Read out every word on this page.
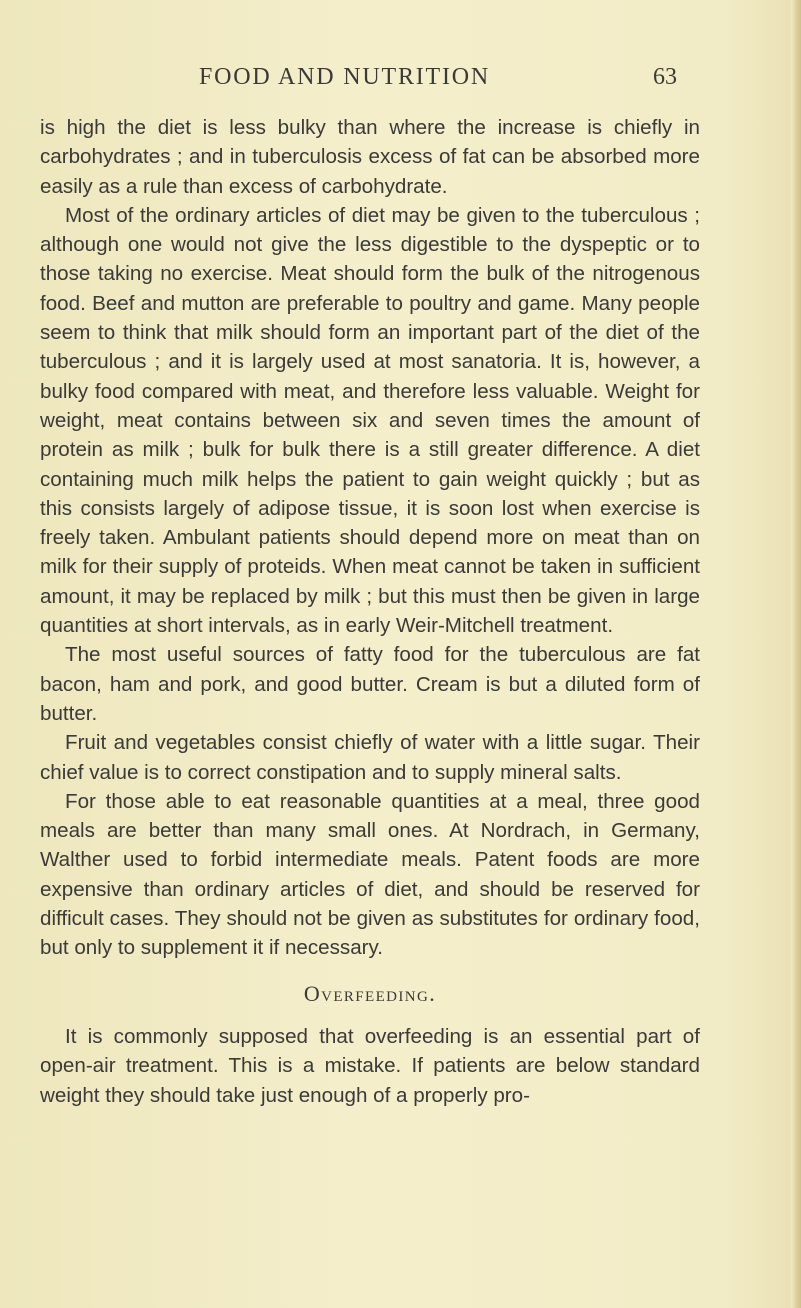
FOOD AND NUTRITION	63

is high the diet is less bulky than where the increase is chiefly in carbohydrates ; and in tuberculosis excess of fat can be absorbed more easily as a rule than excess of carbohydrate.

Most of the ordinary articles of diet may be given to the tuberculous ; although one would not give the less digestible to the dyspeptic or to those taking no exercise. Meat should form the bulk of the nitrogenous food. Beef and mutton are preferable to poultry and game. Many people seem to think that milk should form an important part of the diet of the tuberculous ; and it is largely used at most sanatoria. It is, however, a bulky food compared with meat, and therefore less valuable. Weight for weight, meat contains between six and seven times the amount of protein as milk ; bulk for bulk there is a still greater difference. A diet containing much milk helps the patient to gain weight quickly ; but as this consists largely of adipose tissue, it is soon lost when exercise is freely taken. Ambulant patients should depend more on meat than on milk for their supply of proteids. When meat cannot be taken in sufficient amount, it may be replaced by milk ; but this must then be given in large quantities at short intervals, as in early Weir-Mitchell treatment.

The most useful sources of fatty food for the tuberculous are fat bacon, ham and pork, and good butter. Cream is but a diluted form of butter.

Fruit and vegetables consist chiefly of water with a little sugar. Their chief value is to correct constipation and to supply mineral salts.

For those able to eat reasonable quantities at a meal, three good meals are better than many small ones. At Nordrach, in Germany, Walther used to forbid intermediate meals. Patent foods are more expensive than ordinary articles of diet, and should be reserved for difficult cases. They should not be given as substitutes for ordinary food, but only to supplement it if necessary.

Overfeeding.

It is commonly supposed that overfeeding is an essential part of open-air treatment. This is a mistake. If patients are below standard weight they should take just enough of a properly pro-
